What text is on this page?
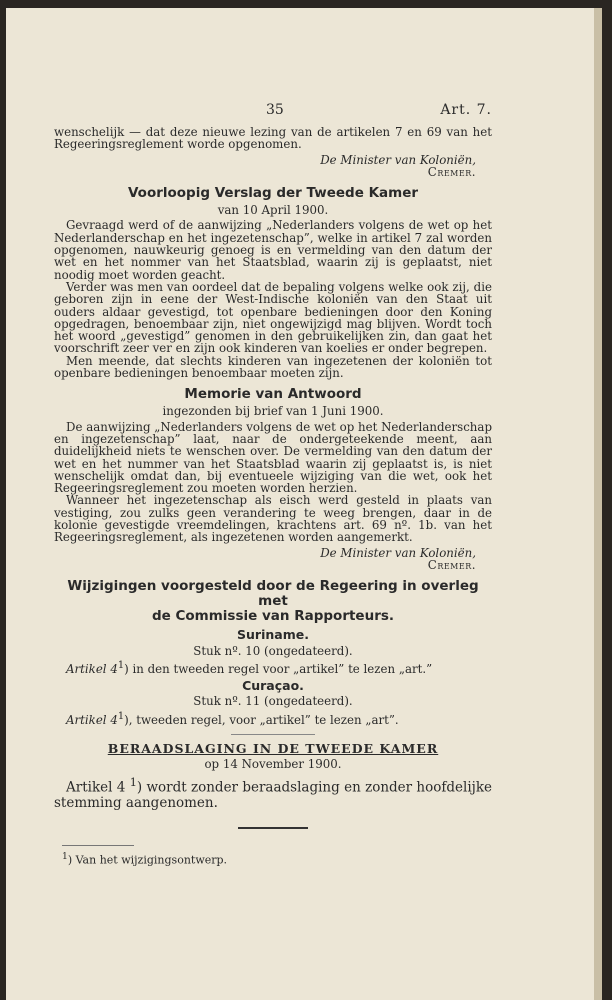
35	Art. 7.

wenschelijk — dat deze nieuwe lezing van de artikelen 7 en 69 van het Regeeringsreglement worde opgenomen.

De Minister van Koloniën,
Cremer.
Voorloopig Verslag der Tweede Kamer
van 10 April 1900.

Gevraagd werd of de aanwijzing „Nederlanders volgens de wet op het Nederlanderschap en het ingezetenschap”, welke in artikel 7 zal worden opgenomen, nauwkeurig genoeg is en vermelding van den datum der wet en het nommer van het Staatsblad, waarin zij is geplaatst, niet noodig moet worden geacht.

Verder was men van oordeel dat de bepaling volgens welke ook zij, die geboren zijn in eene der West-Indische koloniën van den Staat uit ouders aldaar gevestigd, tot openbare bedieningen door den Koning opgedragen, benoembaar zijn, niet ongewijzigd mag blijven. Wordt toch het woord „gevestigd” genomen in den gebruikelijken zin, dan gaat het voorschrift zeer ver en zijn ook kinderen van koelies er onder begrepen.

Men meende, dat slechts kinderen van ingezetenen der koloniën tot openbare bedieningen benoembaar moeten zijn.

Memorie van Antwoord
ingezonden bij brief van 1 Juni 1900.

De aanwijzing „Nederlanders volgens de wet op het Nederlanderschap en ingezetenschap” laat, naar de ondergeteekende meent, aan duidelijkheid niets te wenschen over. De vermelding van den datum der wet en het nummer van het Staatsblad waarin zij geplaatst is, is niet wenschelijk omdat dan, bij eventueele wijziging van die wet, ook het Regeeringsreglement zou moeten worden herzien.

Wanneer het ingezetenschap als eisch werd gesteld in plaats van vestiging, zou zulks geen verandering te weeg brengen, daar in de kolonie gevestigde vreemdelingen, krachtens art. 69 nº. 1b. van het Regeeringsreglement, als ingezetenen worden aangemerkt.

De Minister van Koloniën,
Cremer.
Wijzigingen voorgesteld door de Regeering in overleg met
de Commissie van Rapporteurs.
Suriname.
Stuk nº. 10 (ongedateerd).

Artikel $4^1$) in den tweeden regel voor „artikel” te lezen „art.”

Curaçao.
Stuk nº. 11 (ongedateerd).

Artikel $4^1$), tweeden regel, voor „artikel” te lezen „art”.

BERAADSLAGING IN DE TWEEDE KAMER
op 14 November 1900.

Artikel 4 $^1$) wordt zonder beraadslaging en zonder hoofdelijke stemming aangenomen.

$^1$) Van het wijzigingsontwerp.
